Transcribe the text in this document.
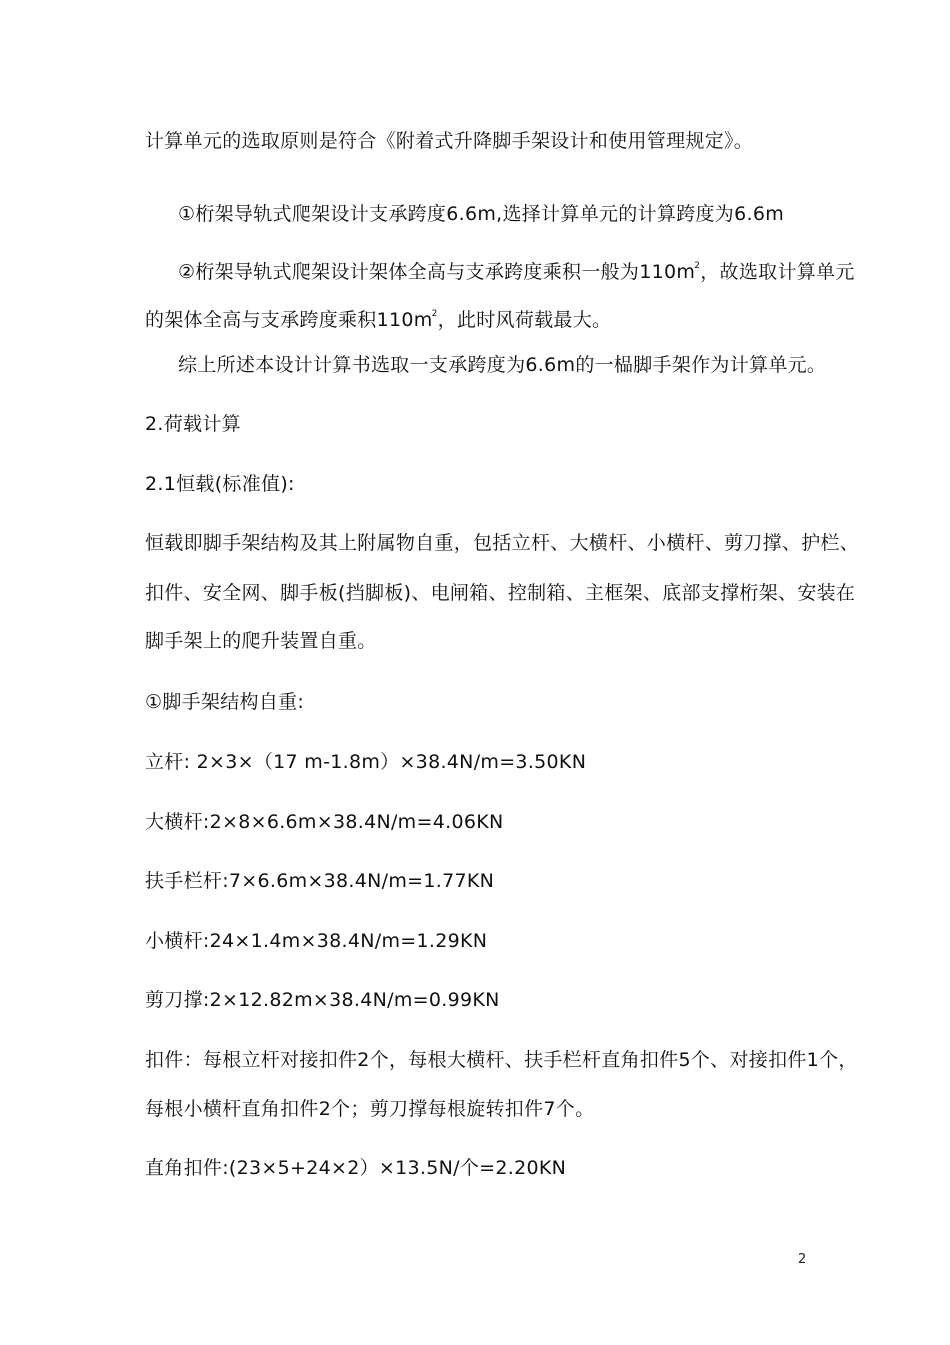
计算单元的选取原则是符合《附着式升降脚手架设计和使用管理规定》。
①桁架导轨式爬架设计支承跨度6.6m,选择计算单元的计算跨度为6.6m
②桁架导轨式爬架设计架体全高与支承跨度乘积一般为$110m^2$，故选取计算单元
的架体全高与支承跨度乘积$110m^2$，此时风荷载最大。
综上所述本设计计算书选取一支承跨度为6.6m的一榀脚手架作为计算单元。
2.荷载计算
2.1恒载(标准值):
恒载即脚手架结构及其上附属物自重，包括立杆、大横杆、小横杆、剪刀撑、护栏、
扣件、安全网、脚手板(挡脚板)、电闸箱、控制箱、主框架、底部支撑桁架、安装在
脚手架上的爬升装置自重。
①脚手架结构自重:
立杆: 2×3×（17 m-1.8m）×38.4N/m=3.50KN
大横杆:2×8×6.6m×38.4N/m=4.06KN
扶手栏杆:7×6.6m×38.4N/m=1.77KN
小横杆:24×1.4m×38.4N/m=1.29KN
剪刀撑:2×12.82m×38.4N/m=0.99KN
扣件：每根立杆对接扣件2个，每根大横杆、扶手栏杆直角扣件5个、对接扣件1个，
每根小横杆直角扣件2个；剪刀撑每根旋转扣件7个。
直角扣件:(23×5+24×2）×13.5N/个=2.20KN
2
